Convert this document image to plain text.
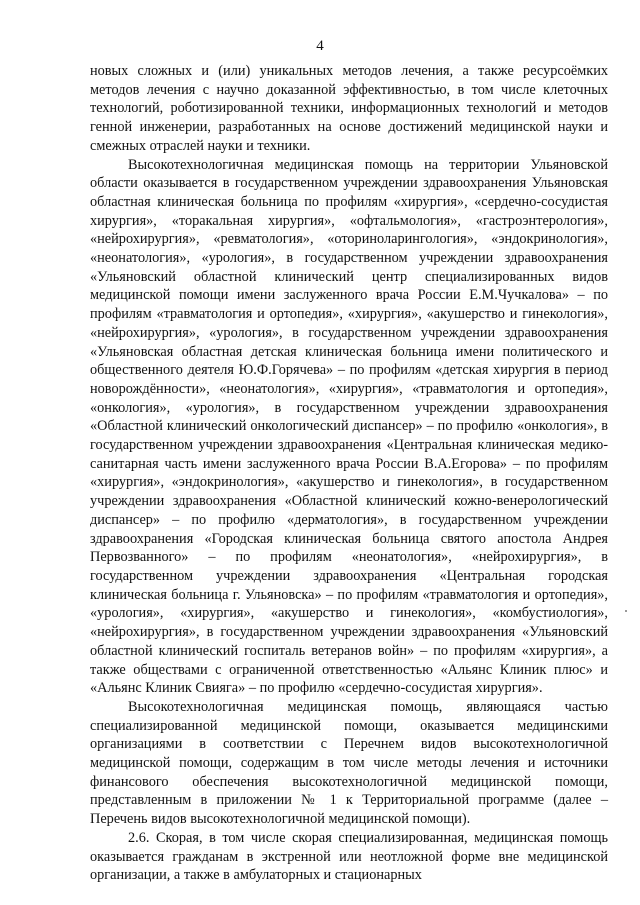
4

новых сложных и (или) уникальных методов лечения, а также ресурсоёмких методов лечения с научно доказанной эффективностью, в том числе клеточных технологий, роботизированной техники, информационных технологий и методов генной инженерии, разработанных на основе достижений медицинской науки и смежных отраслей науки и техники.

Высокотехнологичная медицинская помощь на территории Ульяновской области оказывается в государственном учреждении здравоохранения Ульяновская областная клиническая больница по профилям «хирургия», «сердечно-сосудистая хирургия», «торакальная хирургия», «офтальмология», «гастроэнтерология», «нейрохирургия», «ревматология», «оториноларингология», «эндокринология», «неонатология», «урология», в государственном учреждении здравоохранения «Ульяновский областной клинический центр специализированных видов медицинской помощи имени заслуженного врача России Е.М.Чучкалова» – по профилям «травматология и ортопедия», «хирургия», «акушерство и гинекология», «нейрохирургия», «урология», в государственном учреждении здравоохранения «Ульяновская областная детская клиническая больница имени политического и общественного деятеля Ю.Ф.Горячева» – по профилям «детская хирургия в период новорождённости», «неонатология», «хирургия», «травматология и ортопедия», «онкология», «урология», в государственном учреждении здравоохранения «Областной клинический онкологический диспансер» – по профилю «онкология», в государственном учреждении здравоохранения «Центральная клиническая медико-санитарная часть имени заслуженного врача России В.А.Егорова» – по профилям «хирургия», «эндокринология», «акушерство и гинекология», в государственном учреждении здравоохранения «Областной клинический кожно-венерологический диспансер» – по профилю «дерматология», в государственном учреждении здравоохранения «Городская клиническая больница святого апостола Андрея Первозванного» – по профилям «неонатология», «нейрохирургия», в государственном учреждении здравоохранения «Центральная городская клиническая больница г. Ульяновска» – по профилям «травматология и ортопедия», «урология», «хирургия», «акушерство и гинекология», «комбустиология», «нейрохирургия», в государственном учреждении здравоохранения «Ульяновский областной клинический госпиталь ветеранов войн» – по профилям «хирургия», а также обществами с ограниченной ответственностью «Альянс Клиник плюс» и «Альянс Клиник Свияга» – по профилю «сердечно-сосудистая хирургия».

Высокотехнологичная медицинская помощь, являющаяся частью специализированной медицинской помощи, оказывается медицинскими организациями в соответствии с Перечнем видов высокотехнологичной медицинской помощи, содержащим в том числе методы лечения и источники финансового обеспечения высокотехнологичной медицинской помощи, представленным в приложении № 1 к Территориальной программе (далее – Перечень видов высокотехнологичной медицинской помощи).

2.6. Скорая, в том числе скорая специализированная, медицинская помощь оказывается гражданам в экстренной или неотложной форме вне медицинской организации, а также в амбулаторных и стационарных
